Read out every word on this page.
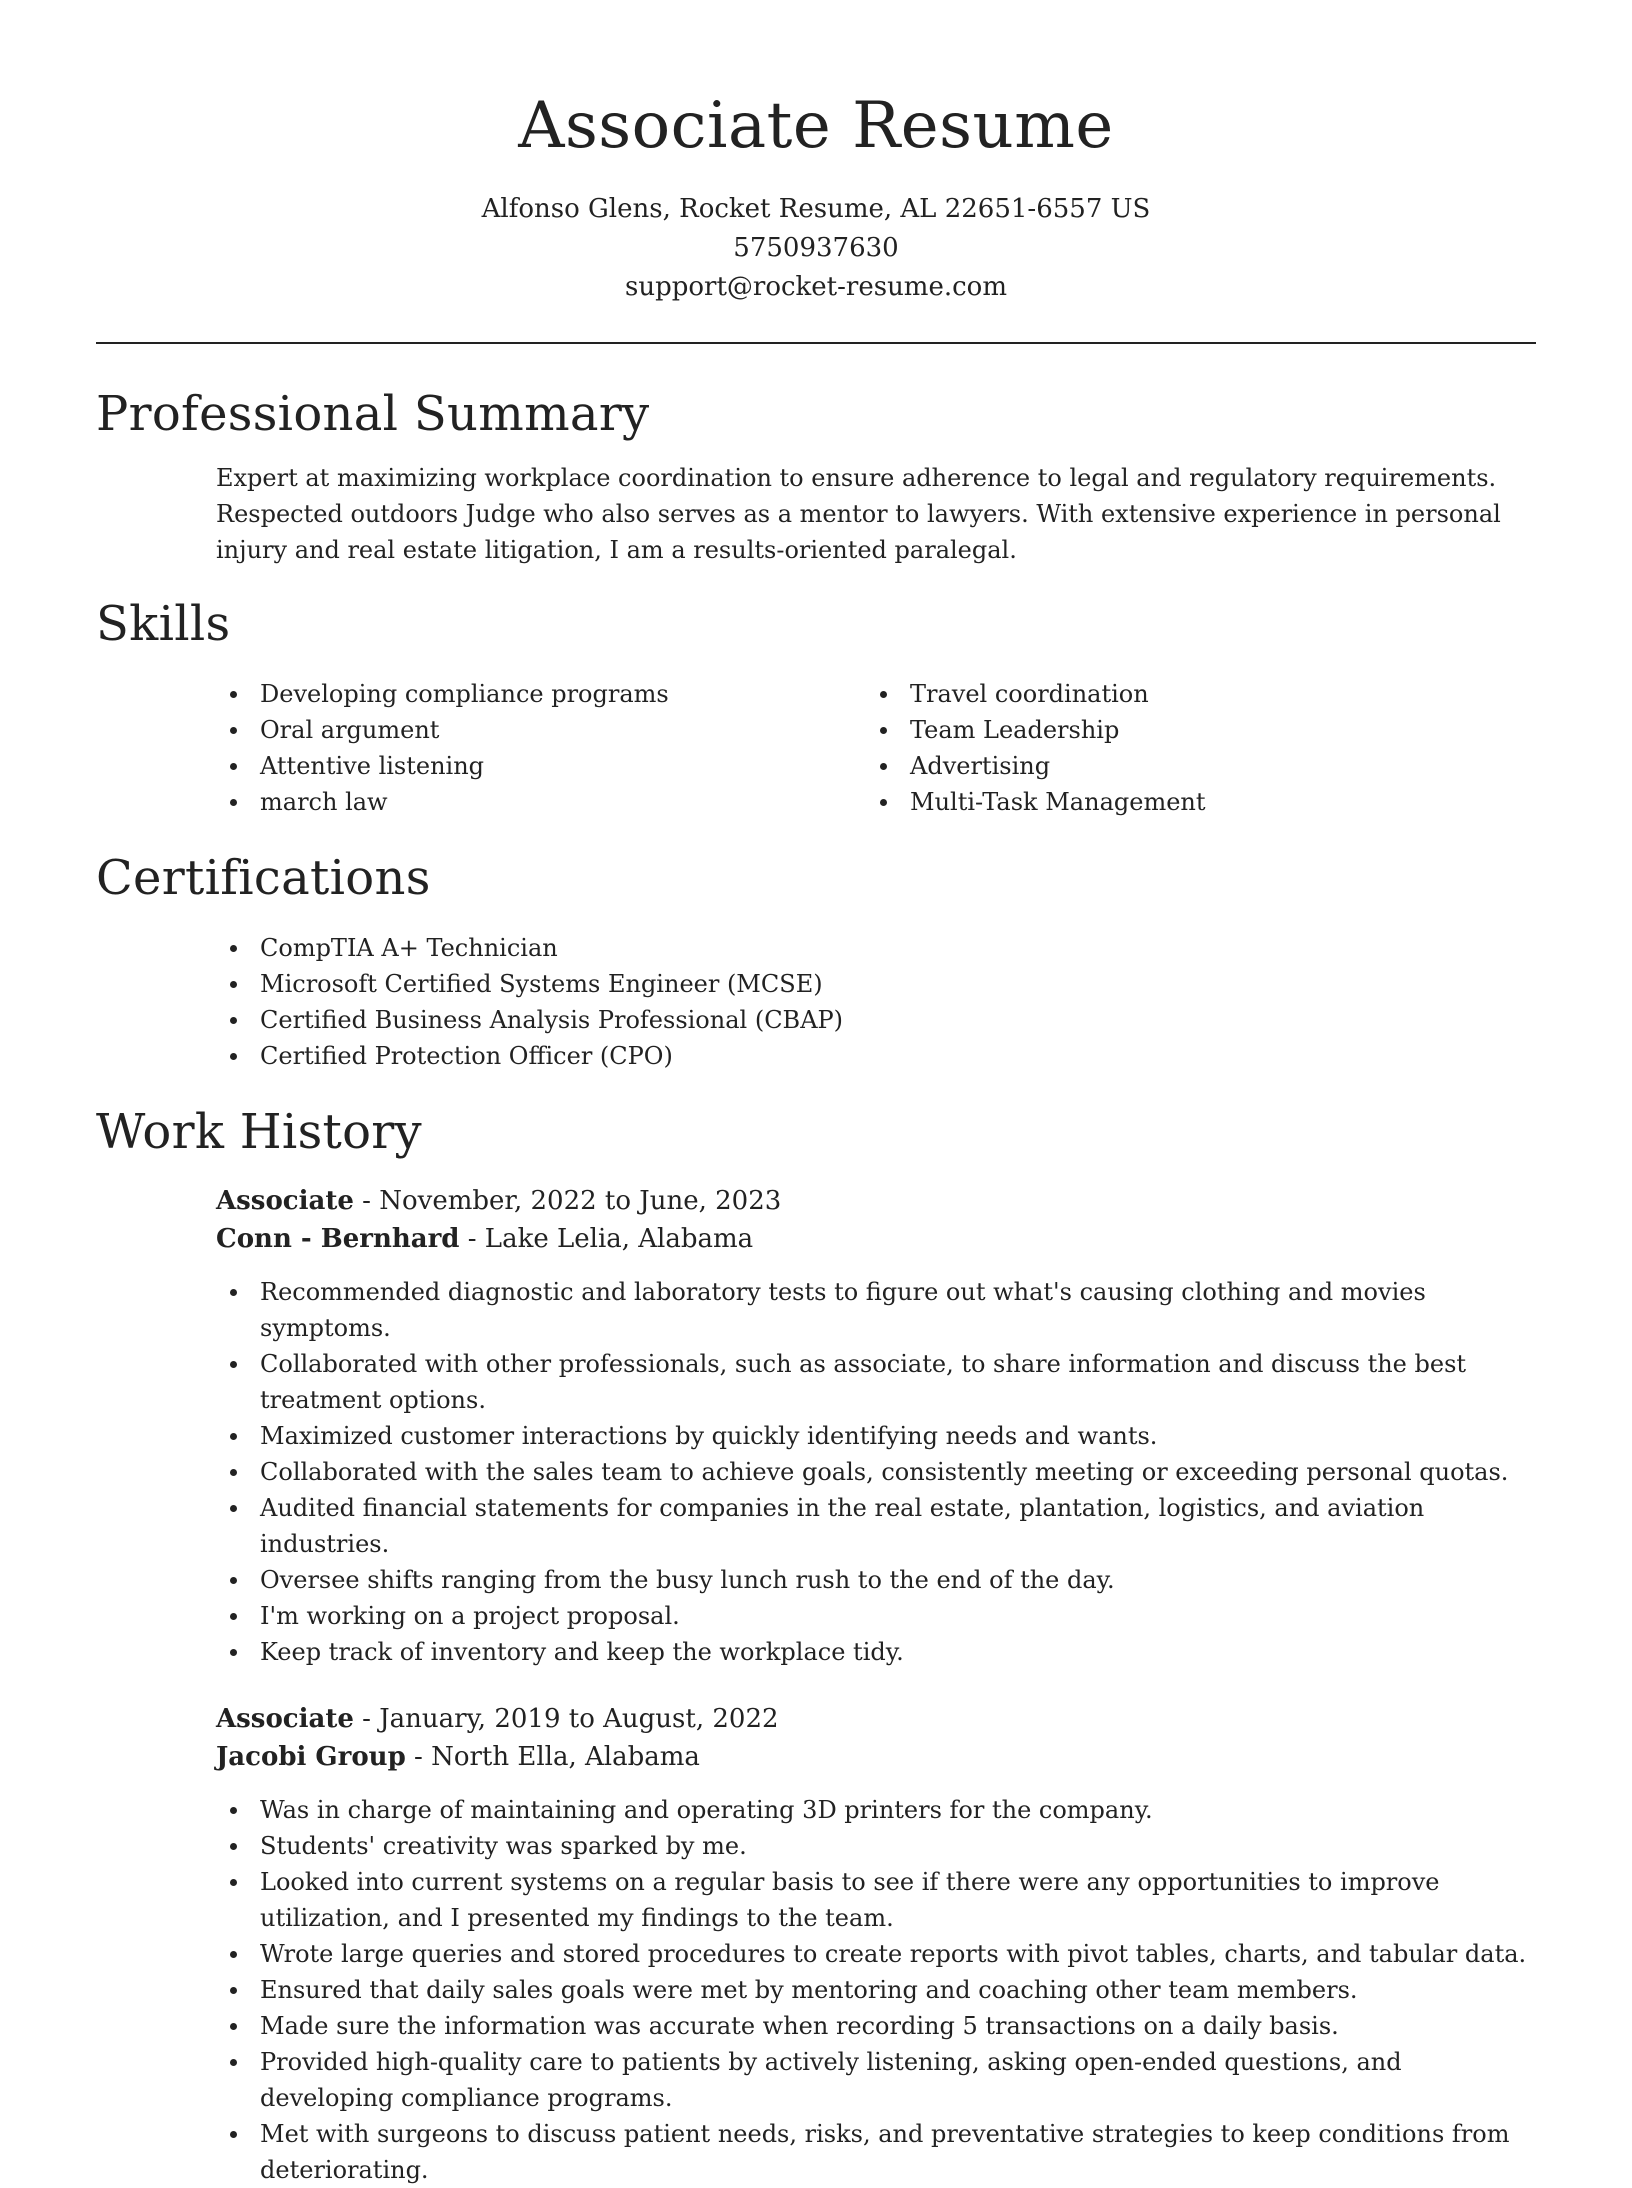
Associate Resume
Alfonso Glens, Rocket Resume, AL 22651-6557 US
5750937630
support@rocket-resume.com
Professional Summary

Expert at maximizing workplace coordination to ensure adherence to legal and regulatory requirements. Respected outdoors Judge who also serves as a mentor to lawyers. With extensive experience in personal injury and real estate litigation, I am a results-oriented paralegal.

Skills
Developing compliance programs
Oral argument
Attentive listening
march law
Travel coordination
Team Leadership
Advertising
Multi-Task Management
Certifications
CompTIA A+ Technician
Microsoft Certified Systems Engineer (MCSE)
Certified Business Analysis Professional (CBAP)
Certified Protection Officer (CPO)
Work History
Associate - November, 2022 to June, 2023
Conn - Bernhard - Lake Lelia, Alabama
Recommended diagnostic and laboratory tests to figure out what's causing clothing and movies symptoms.
Collaborated with other professionals, such as associate, to share information and discuss the best treatment options.
Maximized customer interactions by quickly identifying needs and wants.
Collaborated with the sales team to achieve goals, consistently meeting or exceeding personal quotas.
Audited financial statements for companies in the real estate, plantation, logistics, and aviation industries.
Oversee shifts ranging from the busy lunch rush to the end of the day.
I'm working on a project proposal.
Keep track of inventory and keep the workplace tidy.
Associate - January, 2019 to August, 2022
Jacobi Group - North Ella, Alabama
Was in charge of maintaining and operating 3D printers for the company.
Students' creativity was sparked by me.
Looked into current systems on a regular basis to see if there were any opportunities to improve utilization, and I presented my findings to the team.
Wrote large queries and stored procedures to create reports with pivot tables, charts, and tabular data.
Ensured that daily sales goals were met by mentoring and coaching other team members.
Made sure the information was accurate when recording 5 transactions on a daily basis.
Provided high-quality care to patients by actively listening, asking open-ended questions, and developing compliance programs.
Met with surgeons to discuss patient needs, risks, and preventative strategies to keep conditions from deteriorating.
